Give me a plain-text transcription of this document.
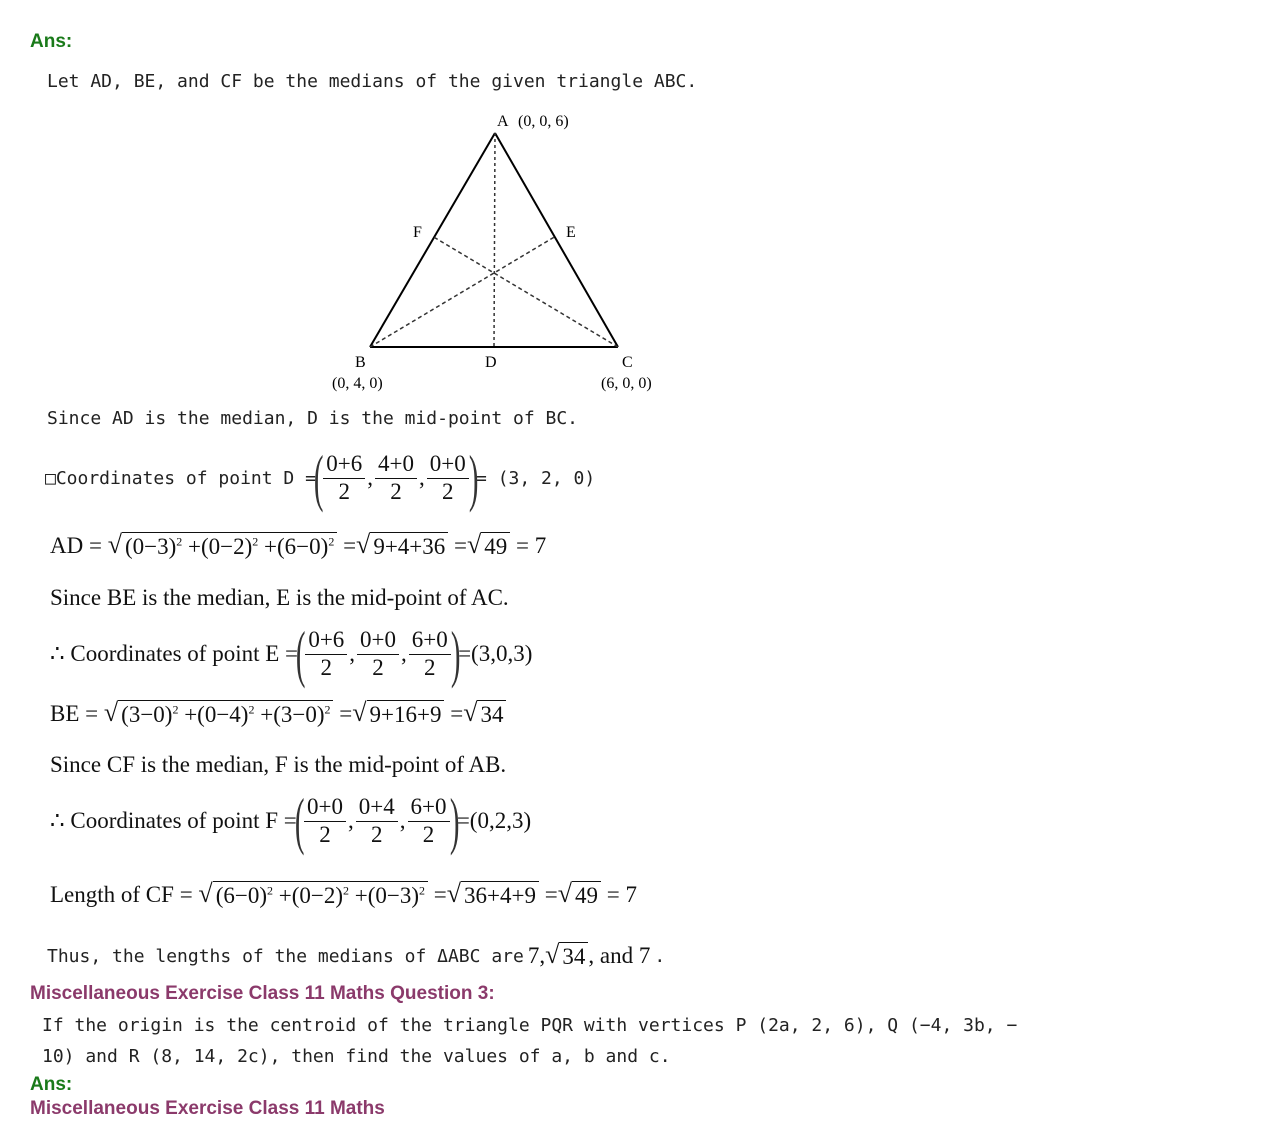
Ans:
Let AD, BE, and CF be the medians of the given triangle ABC.
A (0, 0, 6)
F	E
B
(0, 4, 0)
D	C
(6, 0, 0)
Since AD is the median, D is the mid-point of BC.
□Coordinates of point D =
( $\frac{0+6}{2}$ , $\frac{4+0}{2}$ , $\frac{0+0}{2}$ )
= (3, 2, 0)
AD =
√ $(0-3)^2 +(0-2)^2 +(6-0)^2$
= √ 9+4+36
= √ 49
= 7
Since BE is the median, E is the mid-point of AC.
∴ Coordinates of point E =
( $\frac{0+6}{2}$ , $\frac{0+0}{2}$ , $\frac{6+0}{2}$ )
=(3,0,3)
BE =
√ $(3-0)^2 +(0-4)^2 +(3-0)^2$
= √ 9+16+9
= √ 34
Since CF is the median, F is the mid-point of AB.
∴ Coordinates of point F =
( $\frac{0+0}{2}$ , $\frac{0+4}{2}$ , $\frac{6+0}{2}$ )
=(0,2,3)
Length of CF =
√ $(6-0)^2 +(0-2)^2 +(0-3)^2$
= √ 36+4+9
= √ 49
= 7
Thus, the lengths of the medians of ΔABC are
7, √ 34 , and 7
.
Miscellaneous Exercise Class 11 Maths Question 3:
If the origin is the centroid of the triangle PQR with vertices P (2a, 2, 6), Q (−4, 3b, −
10) and R (8, 14, 2c), then find the values of a, b and c.
Ans:
Miscellaneous Exercise Class 11 Maths
